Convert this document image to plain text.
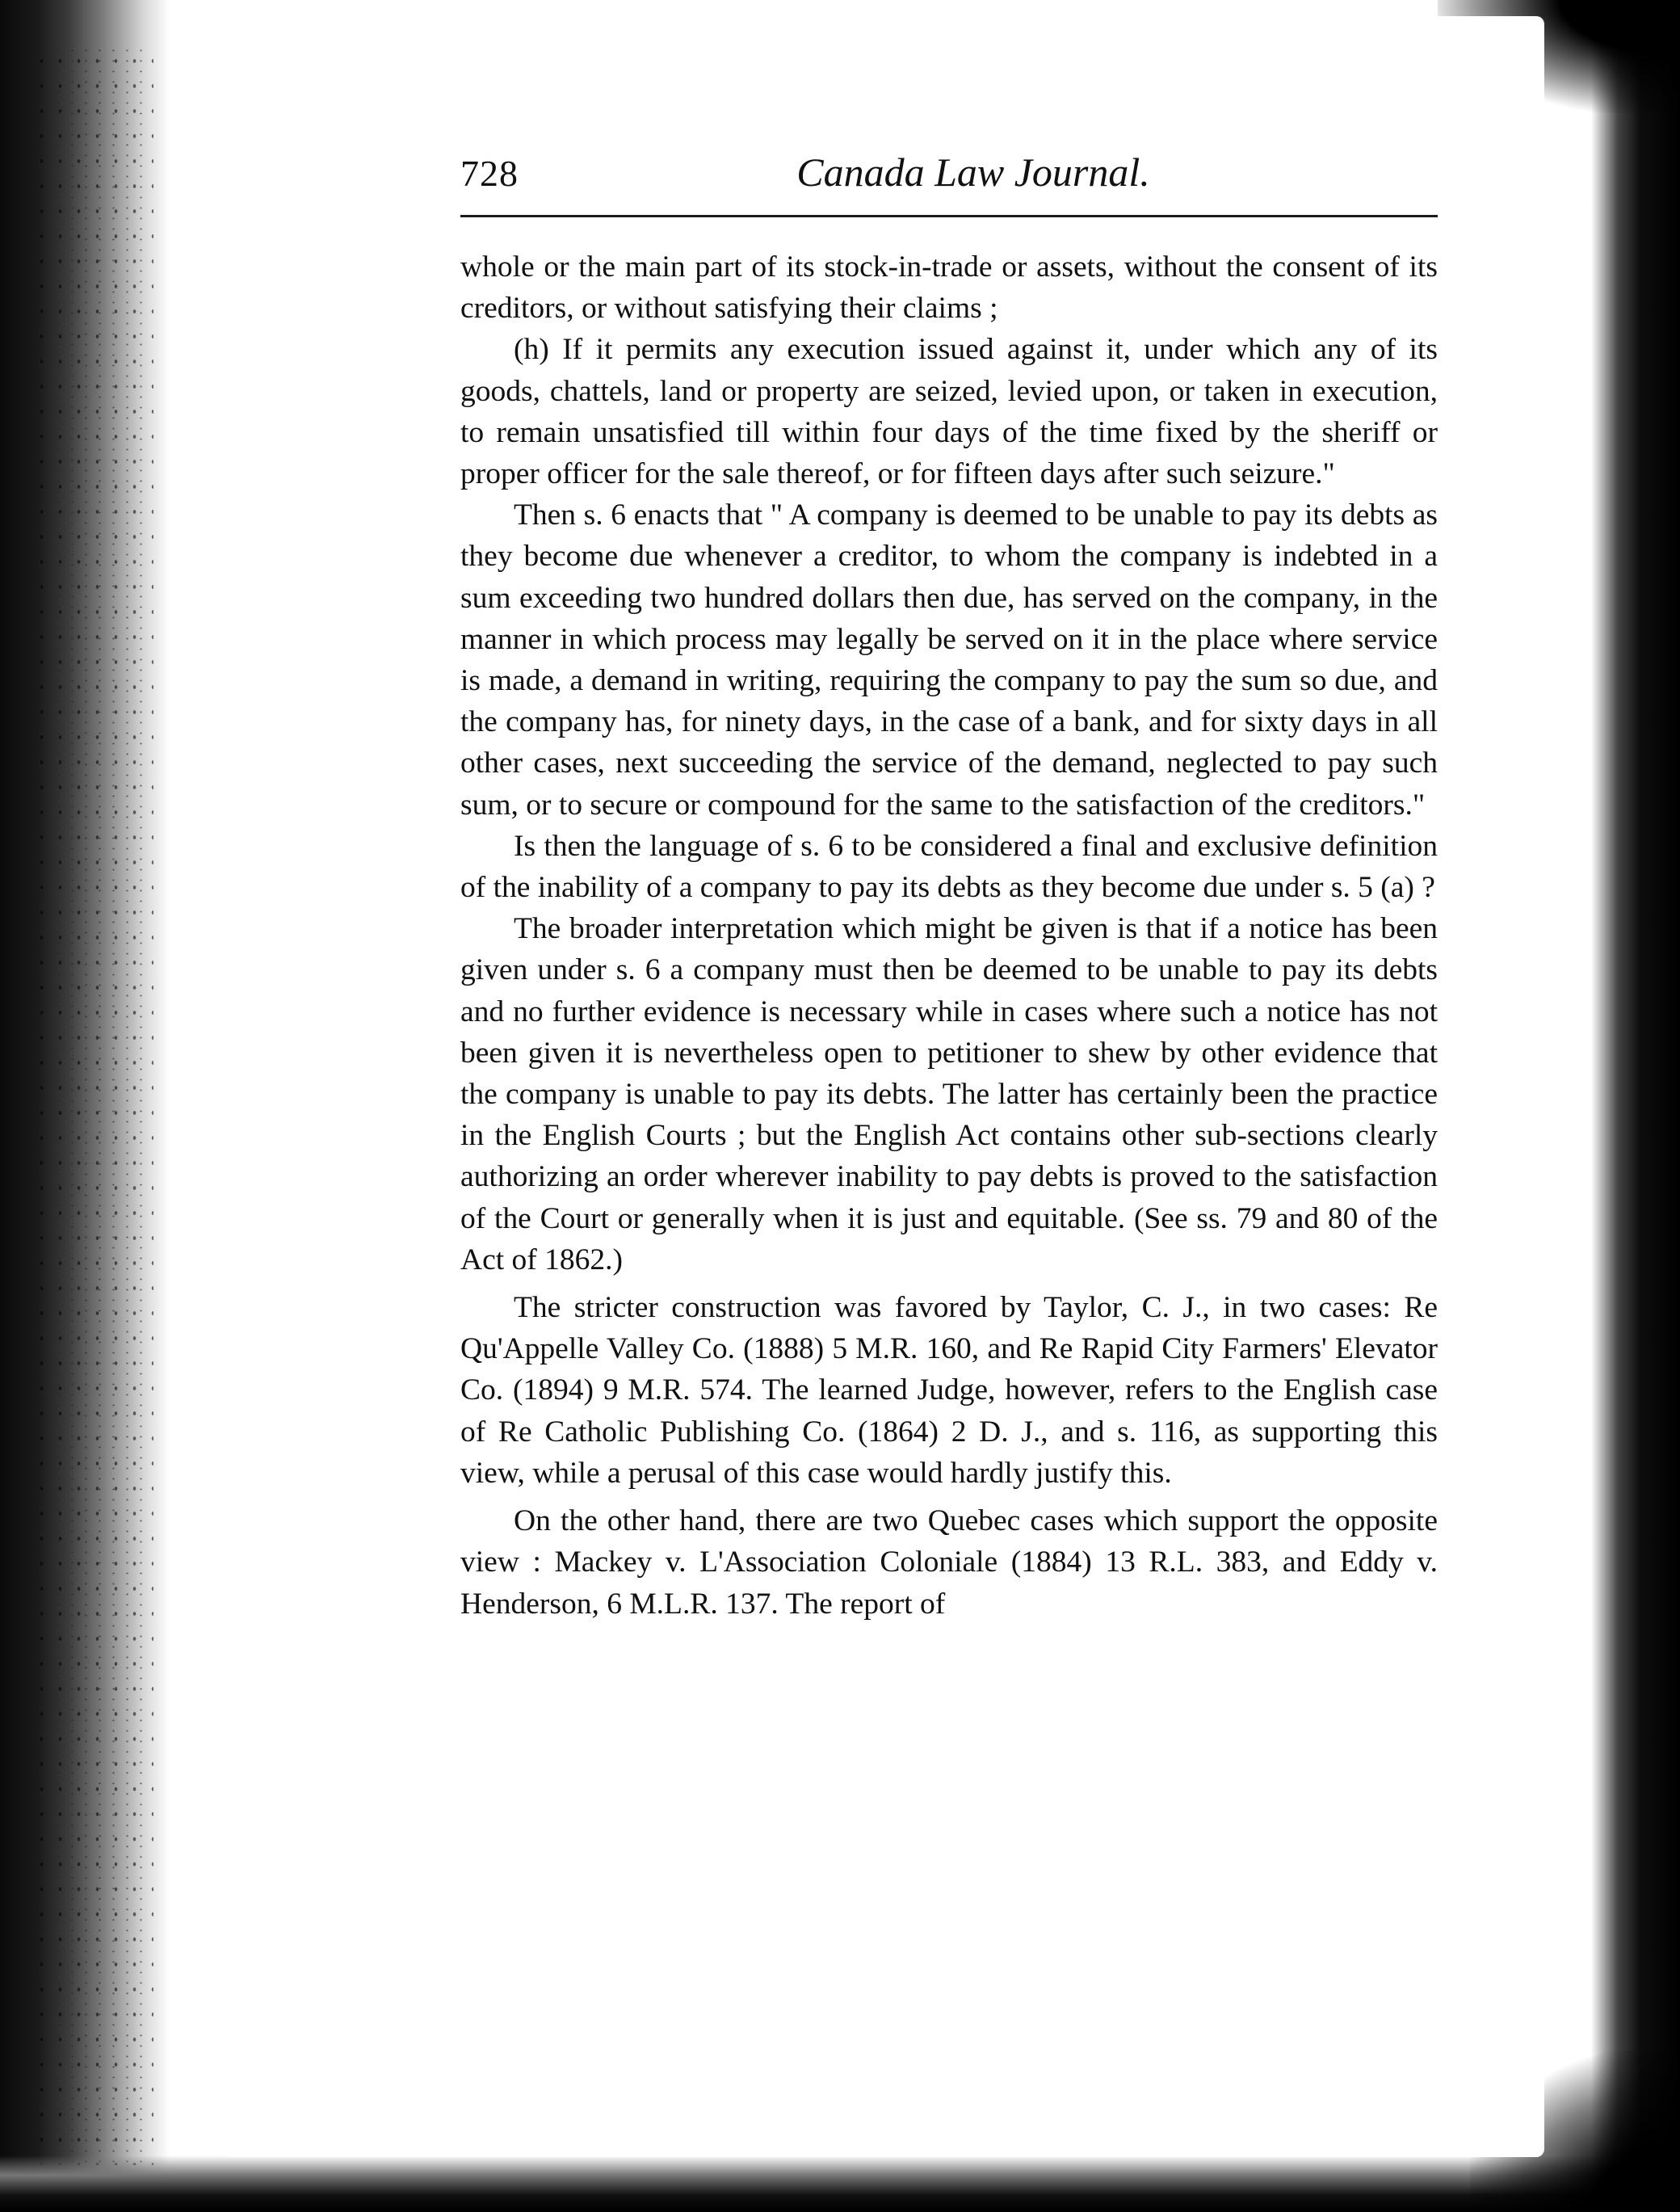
728	Canada Law Journal.

whole or the main part of its stock-in-trade or assets, without the consent of its creditors, or without satisfying their claims ;

(h) If it permits any execution issued against it, under which any of its goods, chattels, land or property are seized, levied upon, or taken in execution, to remain unsatisfied till within four days of the time fixed by the sheriff or proper officer for the sale thereof, or for fifteen days after such seizure."

Then s. 6 enacts that " A company is deemed to be unable to pay its debts as they become due whenever a creditor, to whom the company is indebted in a sum exceeding two hundred dollars then due, has served on the company, in the manner in which process may legally be served on it in the place where service is made, a demand in writing, requiring the company to pay the sum so due, and the company has, for ninety days, in the case of a bank, and for sixty days in all other cases, next succeeding the service of the demand, neglected to pay such sum, or to secure or compound for the same to the satisfaction of the creditors."

Is then the language of s. 6 to be considered a final and exclusive definition of the inability of a company to pay its debts as they become due under s. 5 (a) ?

The broader interpretation which might be given is that if a notice has been given under s. 6 a company must then be deemed to be unable to pay its debts and no further evidence is necessary while in cases where such a notice has not been given it is nevertheless open to petitioner to shew by other evidence that the company is unable to pay its debts. The latter has certainly been the practice in the English Courts ; but the English Act contains other sub-sections clearly authorizing an order wherever inability to pay debts is proved to the satisfaction of the Court or generally when it is just and equitable. (See ss. 79 and 80 of the Act of 1862.)

The stricter construction was favored by Taylor, C. J., in two cases: Re Qu'Appelle Valley Co. (1888) 5 M.R. 160, and Re Rapid City Farmers' Elevator Co. (1894) 9 M.R. 574. The learned Judge, however, refers to the English case of Re Catholic Publishing Co. (1864) 2 D. J., and s. 116, as supporting this view, while a perusal of this case would hardly justify this.

On the other hand, there are two Quebec cases which support the opposite view : Mackey v. L'Association Coloniale (1884) 13 R.L. 383, and Eddy v. Henderson, 6 M.L.R. 137. The report of
